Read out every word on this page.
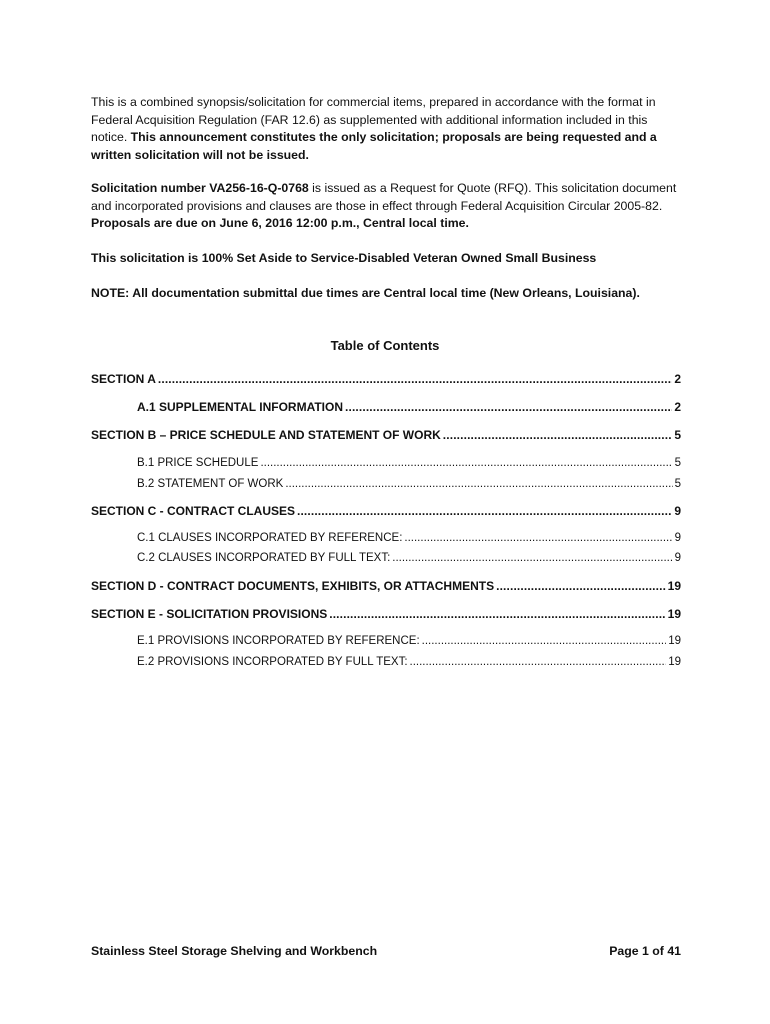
This is a combined synopsis/solicitation for commercial items, prepared in accordance with the format in Federal Acquisition Regulation (FAR 12.6) as supplemented with additional information included in this notice. This announcement constitutes the only solicitation; proposals are being requested and a written solicitation will not be issued.

Solicitation number VA256-16-Q-0768 is issued as a Request for Quote (RFQ). This solicitation document and incorporated provisions and clauses are those in effect through Federal Acquisition Circular 2005-82. Proposals are due on June 6, 2016 12:00 p.m., Central local time.

This solicitation is 100% Set Aside to Service-Disabled Veteran Owned Small Business

NOTE: All documentation submittal due times are Central local time (New Orleans, Louisiana).

Table of Contents

SECTION A . . .	2
A.1 SUPPLEMENTAL INFORMATION . . .	2
SECTION B – PRICE SCHEDULE AND STATEMENT OF WORK . . .	5
B.1 PRICE SCHEDULE . . .	5
B.2 STATEMENT OF WORK . . .	5
SECTION C - CONTRACT CLAUSES . . .	9
C.1 CLAUSES INCORPORATED BY REFERENCE: . . .	9
C.2 CLAUSES INCORPORATED BY FULL TEXT: . . .	9
SECTION D - CONTRACT DOCUMENTS, EXHIBITS, OR ATTACHMENTS . . .	19
SECTION E - SOLICITATION PROVISIONS . . .	19
E.1 PROVISIONS INCORPORATED BY REFERENCE: . . .	19
E.2 PROVISIONS INCORPORATED BY FULL TEXT: . . .	19

Stainless Steel Storage Shelving and Workbench	Page 1 of 41
